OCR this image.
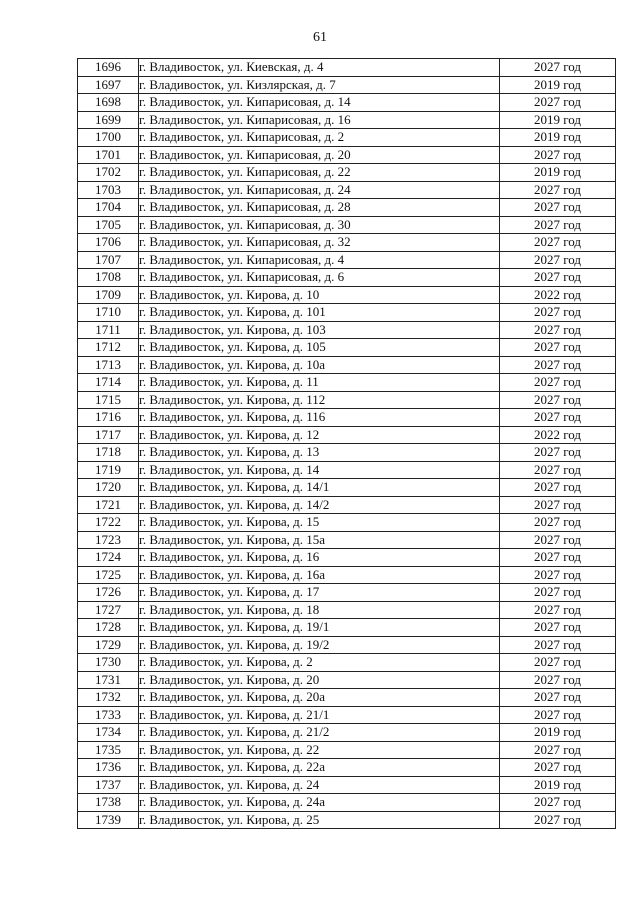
61
1696	г. Владивосток, ул. Киевская, д. 4	2027 год
1697	г. Владивосток, ул. Кизлярская, д. 7	2019 год
1698	г. Владивосток, ул. Кипарисовая, д. 14	2027 год
1699	г. Владивосток, ул. Кипарисовая, д. 16	2019 год
1700	г. Владивосток, ул. Кипарисовая, д. 2	2019 год
1701	г. Владивосток, ул. Кипарисовая, д. 20	2027 год
1702	г. Владивосток, ул. Кипарисовая, д. 22	2019 год
1703	г. Владивосток, ул. Кипарисовая, д. 24	2027 год
1704	г. Владивосток, ул. Кипарисовая, д. 28	2027 год
1705	г. Владивосток, ул. Кипарисовая, д. 30	2027 год
1706	г. Владивосток, ул. Кипарисовая, д. 32	2027 год
1707	г. Владивосток, ул. Кипарисовая, д. 4	2027 год
1708	г. Владивосток, ул. Кипарисовая, д. 6	2027 год
1709	г. Владивосток, ул. Кирова, д. 10	2022 год
1710	г. Владивосток, ул. Кирова, д. 101	2027 год
1711	г. Владивосток, ул. Кирова, д. 103	2027 год
1712	г. Владивосток, ул. Кирова, д. 105	2027 год
1713	г. Владивосток, ул. Кирова, д. 10а	2027 год
1714	г. Владивосток, ул. Кирова, д. 11	2027 год
1715	г. Владивосток, ул. Кирова, д. 112	2027 год
1716	г. Владивосток, ул. Кирова, д. 116	2027 год
1717	г. Владивосток, ул. Кирова, д. 12	2022 год
1718	г. Владивосток, ул. Кирова, д. 13	2027 год
1719	г. Владивосток, ул. Кирова, д. 14	2027 год
1720	г. Владивосток, ул. Кирова, д. 14/1	2027 год
1721	г. Владивосток, ул. Кирова, д. 14/2	2027 год
1722	г. Владивосток, ул. Кирова, д. 15	2027 год
1723	г. Владивосток, ул. Кирова, д. 15а	2027 год
1724	г. Владивосток, ул. Кирова, д. 16	2027 год
1725	г. Владивосток, ул. Кирова, д. 16а	2027 год
1726	г. Владивосток, ул. Кирова, д. 17	2027 год
1727	г. Владивосток, ул. Кирова, д. 18	2027 год
1728	г. Владивосток, ул. Кирова, д. 19/1	2027 год
1729	г. Владивосток, ул. Кирова, д. 19/2	2027 год
1730	г. Владивосток, ул. Кирова, д. 2	2027 год
1731	г. Владивосток, ул. Кирова, д. 20	2027 год
1732	г. Владивосток, ул. Кирова, д. 20а	2027 год
1733	г. Владивосток, ул. Кирова, д. 21/1	2027 год
1734	г. Владивосток, ул. Кирова, д. 21/2	2019 год
1735	г. Владивосток, ул. Кирова, д. 22	2027 год
1736	г. Владивосток, ул. Кирова, д. 22а	2027 год
1737	г. Владивосток, ул. Кирова, д. 24	2019 год
1738	г. Владивосток, ул. Кирова, д. 24а	2027 год
1739	г. Владивосток, ул. Кирова, д. 25	2027 год
